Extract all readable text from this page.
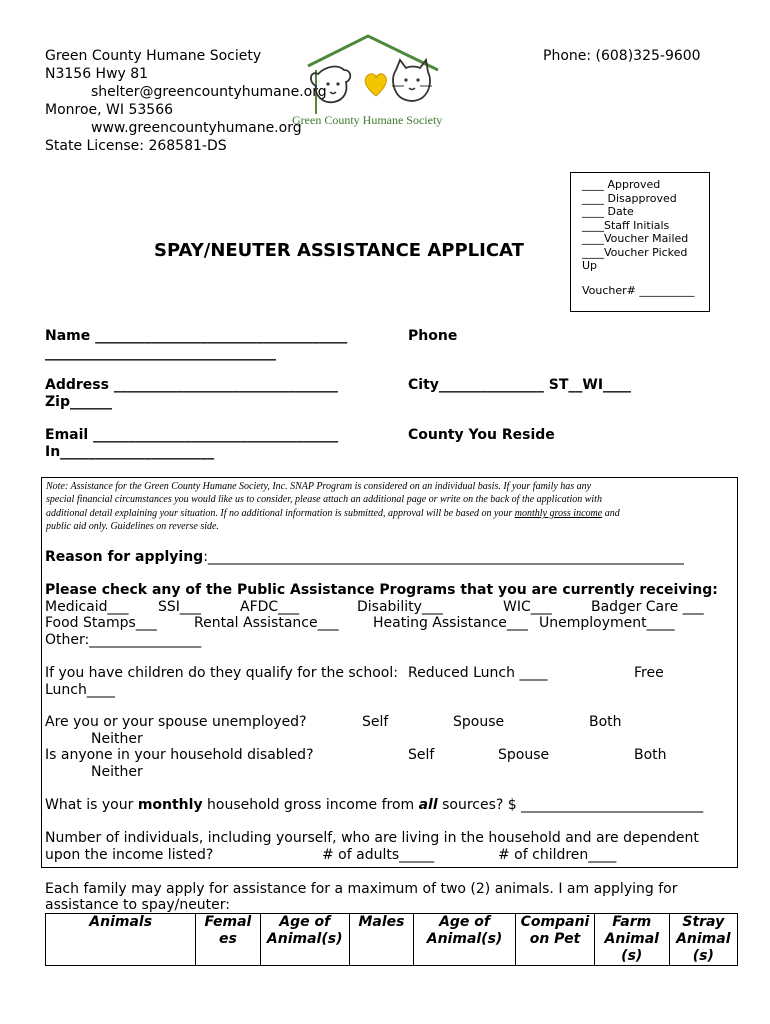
Green County Humane Society
N3156 Hwy 81
shelter@greencountyhumane.org
Monroe, WI 53566
www.greencountyhumane.org
State License: 268581-DS
Phone: (608)325-9600
Green County Humane Society
____ Approved
____ Disapproved
____ Date
____Staff Initials
____Voucher Mailed
____Voucher Picked
Up
Voucher# __________
SPAY/NEUTER ASSISTANCE APPLICAT
Name ____________________________________
_________________________________
Phone
Address ________________________________
Zip______
City_______________ ST__WI____
Email ___________________________________
In______________________
County You Reside
Note: Assistance for the Green County Humane Society, Inc. SNAP Program is considered on an individual basis. If your family has any
special financial circumstances you would like us to consider, please attach an additional page or write on the back of the application with
additional detail explaining your situation. If no additional information is submitted, approval will be based on your monthly gross income and
public aid only. Guidelines on reverse side.
Reason for applying:____________________________________________________________________
Please check any of the Public Assistance Programs that you are currently receiving:
Medicaid___ SSI___	AFDC___	Disability___	WIC___	Badger Care ___
Food Stamps___	Rental Assistance___ Heating Assistance___ Unemployment____
Other:________________
If you have children do they qualify for the school: Reduced Lunch ____	Free
Lunch____
Are you or your spouse unemployed?	Self	Spouse	Both
Neither
Is anyone in your household disabled?	Self	Spouse	Both
Neither
What is your monthly household gross income from all sources? $ __________________________
Number of individuals, including yourself, who are living in the household and are dependent
upon the income listed?	# of adults_____	# of children____
Each family may apply for assistance for a maximum of two (2) animals. I am applying for
assistance to spay/neuter:
Animals	Femal es	Age of Animal(s)	Males	Age of Animal(s)	Compani on Pet	Farm Animal (s)	Stray Animal (s)
